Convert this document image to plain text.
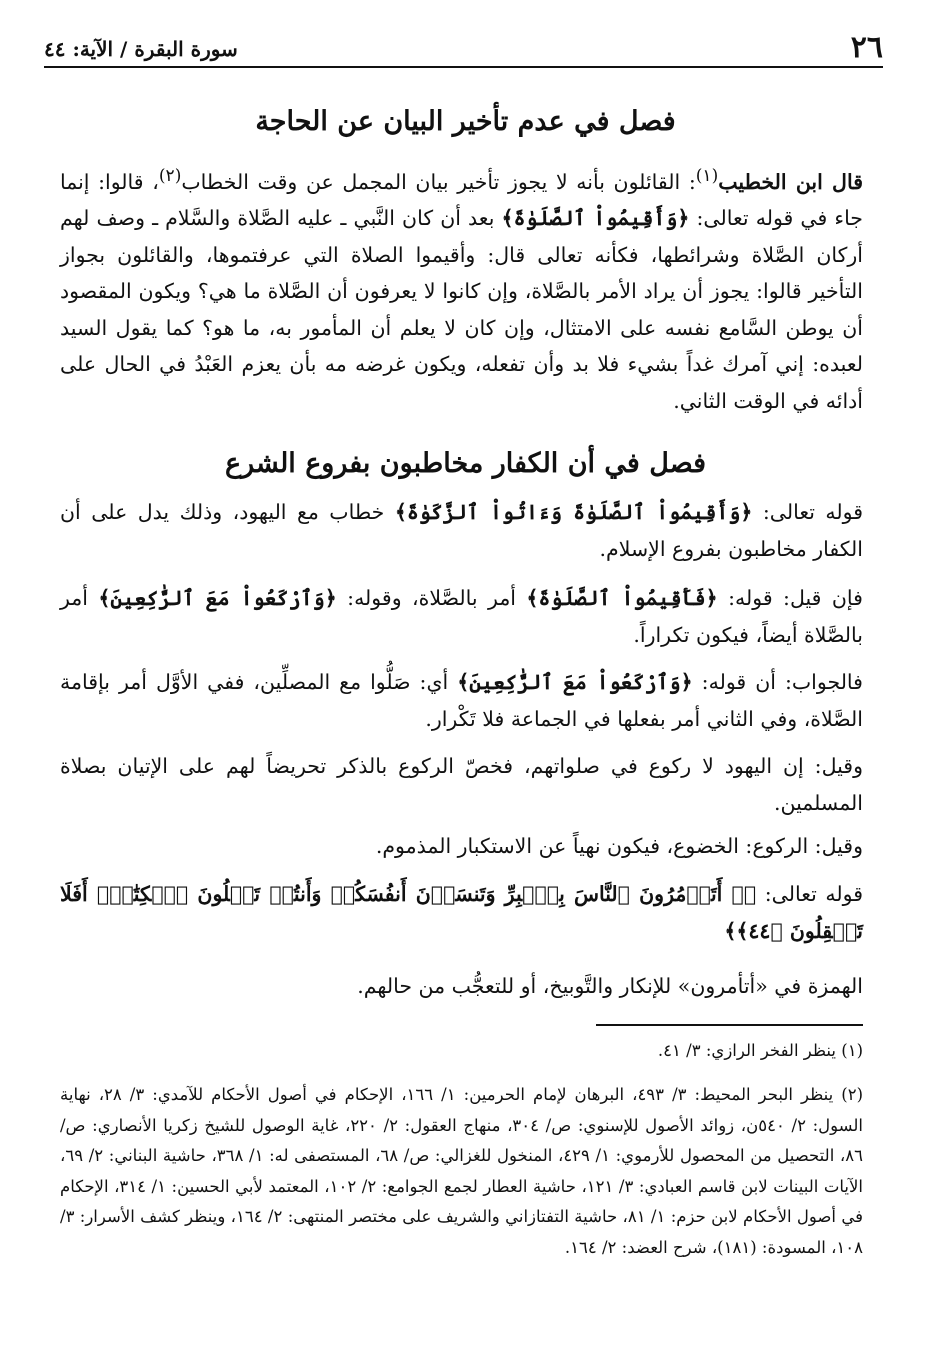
٢٦
سورة البقرة / الآية: ٤٤
فصل في عدم تأخير البيان عن الحاجة
قال ابن الخطيب$^{(١)}$: القائلون بأنه لا يجوز تأخير بيان المجمل عن وقت الخطاب$^{(٢)}$، قالوا: إنما جاء في قوله تعالى: ﴿وَأَقِيمُواْ ٱلصَّلَوٰةَ﴾ بعد أن كان النَّبي ـ عليه الصَّلاة والسَّلام ـ وصف لهم أركان الصَّلاة وشرائطها، فكأنه تعالى قال: وأقيموا الصلاة التي عرفتموها، والقائلون بجواز التأخير قالوا: يجوز أن يراد الأمر بالصَّلاة، وإن كانوا لا يعرفون أن الصَّلاة ما هي؟ ويكون المقصود أن يوطن السَّامع نفسه على الامتثال، وإن كان لا يعلم أن المأمور به، ما هو؟ كما يقول السيد لعبده: إني آمرك غداً بشيء فلا بد وأن تفعله، ويكون غرضه مه بأن يعزم العَبْدُ في الحال على أدائه في الوقت الثاني.
فصل في أن الكفار مخاطبون بفروع الشرع
قوله تعالى: ﴿وَأَقِيمُواْ ٱلصَّلَوٰةَ وَءَاتُواْ ٱلزَّكَوٰةَ﴾ خطاب مع اليهود، وذلك يدل على أن الكفار مخاطبون بفروع الإسلام.
فإن قيل: قوله: ﴿فَأَقِيمُواْ ٱلصَّلَوٰةَ﴾ أمر بالصَّلاة، وقوله: ﴿وَٱرْكَعُواْ مَعَ ٱلرَّٰكِعِينَ﴾ أمر بالصَّلاة أيضاً، فيكون تكراراً.
فالجواب: أن قوله: ﴿وَٱرْكَعُواْ مَعَ ٱلرَّٰكِعِينَ﴾ أي: صَلُّوا مع المصلِّين، ففي الأوَّل أمر بإقامة الصَّلاة، وفي الثاني أمر بفعلها في الجماعة فلا تَكْرار.
وقيل: إن اليهود لا ركوع في صلواتهم، فخصّ الركوع بالذكر تحريضاً لهم على الإتيان بصلاة المسلمين.
وقيل: الركوع: الخضوع، فيكون نهياً عن الاستكبار المذموم.
قوله تعالى: ﴿۞ أَتَأۡمُرُونَ ٱلنَّاسَ بِٱلۡبِرِّ وَتَنسَوۡنَ أَنفُسَكُمۡ وَأَنتُمۡ تَتۡلُونَ ٱلۡكِتَٰبَۚ أَفَلَا تَعۡقِلُونَ ﴿٤٤﴾﴾
الهمزة في «أتأمرون» للإنكار والتَّوبيخ، أو للتعجُّب من حالهم.
(١) ينظر الفخر الرازي: ٣/ ٤١.
(٢) ينظر البحر المحيط: ٣/ ٤٩٣، البرهان لإمام الحرمين: ١/ ١٦٦، الإحكام في أصول الأحكام للآمدي: ٣/ ٢٨، نهاية السول: ٢/ ٥٤٠ن، زوائد الأصول للإسنوي: ص/ ٣٠٤، منهاج العقول: ٢/ ٢٢٠، غاية الوصول للشيخ زكريا الأنصاري: ص/ ٨٦، التحصيل من المحصول للأرموي: ١/ ٤٢٩، المنخول للغزالي: ص/ ٦٨، المستصفى له: ١/ ٣٦٨، حاشية البناني: ٢/ ٦٩، الآيات البينات لابن قاسم العبادي: ٣/ ١٢١، حاشية العطار لجمع الجوامع: ٢/ ١٠٢، المعتمد لأبي الحسين: ١/ ٣١٤، الإحكام في أصول الأحكام لابن حزم: ١/ ٨١، حاشية التفتازاني والشريف على مختصر المنتهى: ٢/ ١٦٤، وينظر كشف الأسرار: ٣/ ١٠٨، المسودة: (١٨١)، شرح العضد: ٢/ ١٦٤.
